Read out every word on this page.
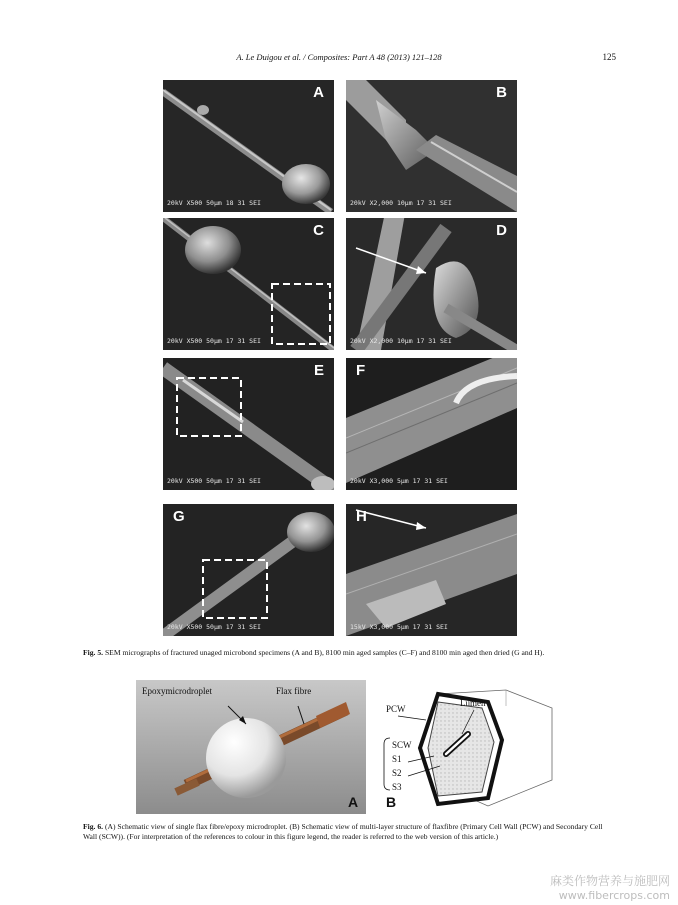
A. Le Duigou et al. / Composites: Part A 48 (2013) 121–128	125
A
20kV X500 50μm 18 31 SEI
B
20kV X2,000 10μm 17 31 SEI
C
20kV X500 50μm 17 31 SEI
D
20kV X2,000 10μm 17 31 SEI
E
20kV X500 50μm 17 31 SEI
F
20kV X3,000 5μm 17 31 SEI
G
20kV X500 50μm 17 31 SEI
H
15kV X3,000 5μm 17 31 SEI
Fig. 5. SEM micrographs of fractured unaged microbond specimens (A and B), 8100 min aged samples (C–F) and 8100 min aged then dried (G and H).
Epoxymicrodroplet	Flax fibre
A
PCW
Lumen
SCW
S1
S2
S3
B
Fig. 6. (A) Schematic view of single flax fibre/epoxy microdroplet. (B) Schematic view of multi-layer structure of flaxfibre (Primary Cell Wall (PCW) and Secondary Cell Wall (SCW)). (For interpretation of the references to colour in this figure legend, the reader is referred to the web version of this article.)
麻类作物营养与施肥网
www.fibercrops.com
